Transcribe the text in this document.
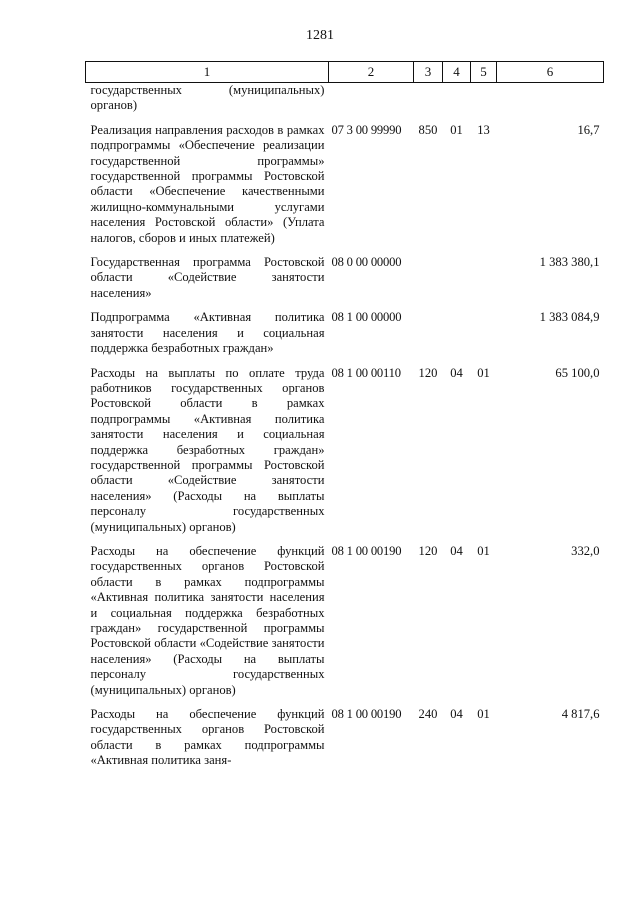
1281
1	2	3	4	5	6
государственных (муниципальных) органов)					
Реализация направления расходов в рамках подпрограммы «Обеспечение реализации государственной программы» государственной программы Ростовской области «Обеспечение качественными жилищно-коммунальными услугами населения Ростовской области» (Уплата налогов, сборов и иных платежей)	07 3 00 99990	850	01	13	16,7
Государственная программа Ростовской области «Содействие занятости населения»	08 0 00 00000				1 383 380,1
Подпрограмма «Активная политика занятости населения и социальная поддержка безработных граждан»	08 1 00 00000				1 383 084,9
Расходы на выплаты по оплате труда работников государственных органов Ростовской области в рамках подпрограммы «Активная политика занятости населения и социальная поддержка безработных граждан» государственной программы Ростовской области «Содействие занятости населения» (Расходы на выплаты персоналу государственных (муниципальных) органов)	08 1 00 00110	120	04	01	65 100,0
Расходы на обеспечение функций государственных органов Ростовской области в рамках подпрограммы «Активная политика занятости населения и социальная поддержка безработных граждан» государственной программы Ростовской области «Содействие занятости населения» (Расходы на выплаты персоналу государственных (муниципальных) органов)	08 1 00 00190	120	04	01	332,0
Расходы на обеспечение функций государственных органов Ростовской области в рамках подпрограммы «Активная политика заня-	08 1 00 00190	240	04	01	4 817,6
